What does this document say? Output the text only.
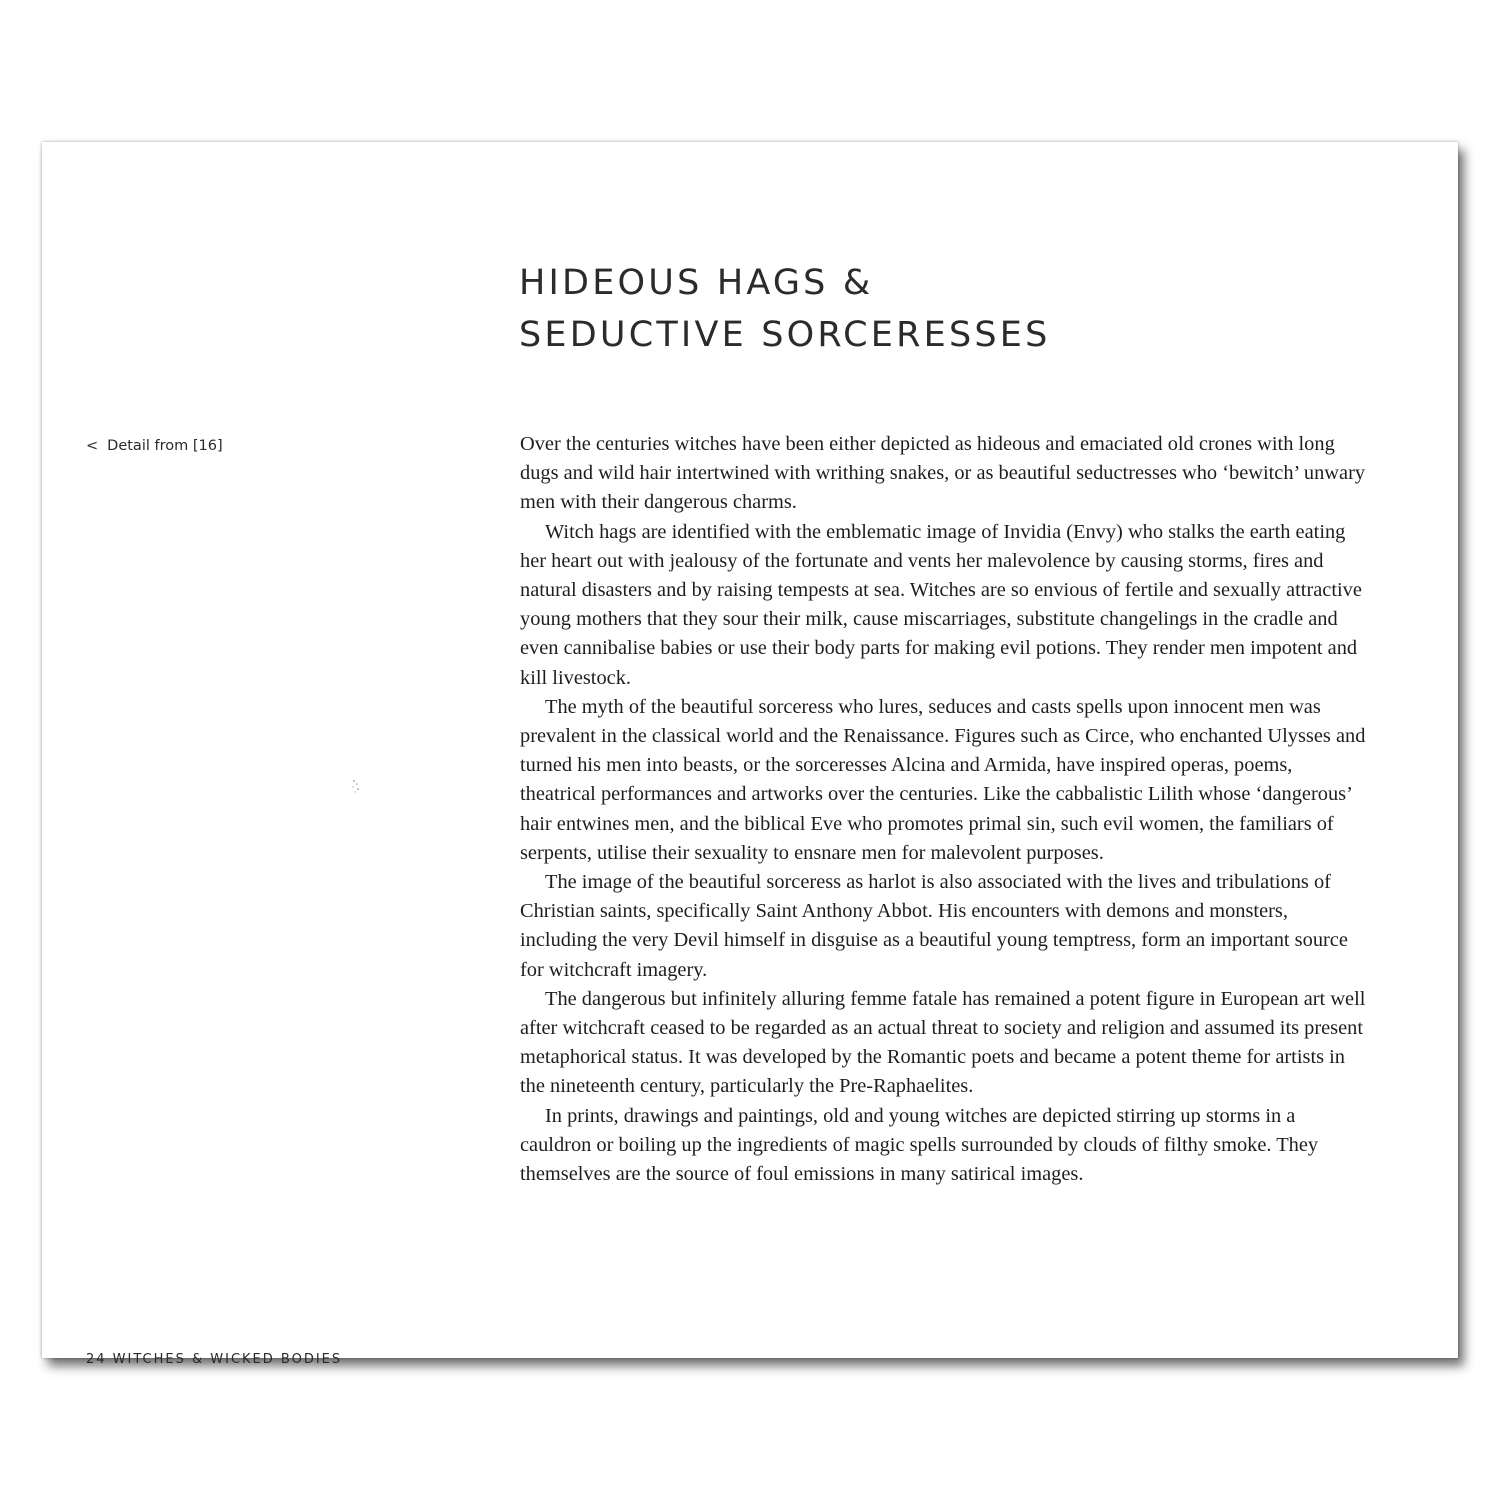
HIDEOUS HAGS &
SEDUCTIVE SORCERESSES
< Detail from [16]	Over the centuries witches have been either depicted as hideous and emaciated old crones with long dugs and wild hair intertwined with writhing snakes, or as beautiful seductresses who ‘bewitch’ unwary men with their dangerous charms.

Witch hags are identified with the emblematic image of Invidia (Envy) who stalks the earth eating her heart out with jealousy of the fortunate and vents her malevolence by causing storms, fires and natural disasters and by raising tempests at sea. Witches are so envious of fertile and sexually attractive young mothers that they sour their milk, cause miscarriages, substitute changelings in the cradle and even cannibalise babies or use their body parts for making evil potions. They render men impotent and kill livestock.

The myth of the beautiful sorceress who lures, seduces and casts spells upon innocent men was prevalent in the classical world and the Renaissance. Figures such as Circe, who enchanted Ulysses and turned his men into beasts, or the sorceresses Alcina and Armida, have inspired operas, poems, theatrical performances and artworks over the centuries. Like the cabbalistic Lilith whose ‘dangerous’ hair entwines men, and the biblical Eve who promotes primal sin, such evil women, the familiars of serpents, utilise their sexuality to ensnare men for malevolent purposes.

The image of the beautiful sorceress as harlot is also associated with the lives and tribulations of Christian saints, specifically Saint Anthony Abbot. His encounters with demons and monsters, including the very Devil himself in disguise as a beautiful young temptress, form an important source for witchcraft imagery.

The dangerous but infinitely alluring femme fatale has remained a potent figure in European art well after witchcraft ceased to be regarded as an actual threat to society and religion and assumed its present metaphorical status. It was developed by the Romantic poets and became a potent theme for artists in the nineteenth century, particularly the Pre-Raphaelites.

In prints, drawings and paintings, old and young witches are depicted stirring up storms in a cauldron or boiling up the ingredients of magic spells surrounded by clouds of filthy smoke. They themselves are the source of foul emissions in many satirical images.

24 WITCHES & WICKED BODIES
